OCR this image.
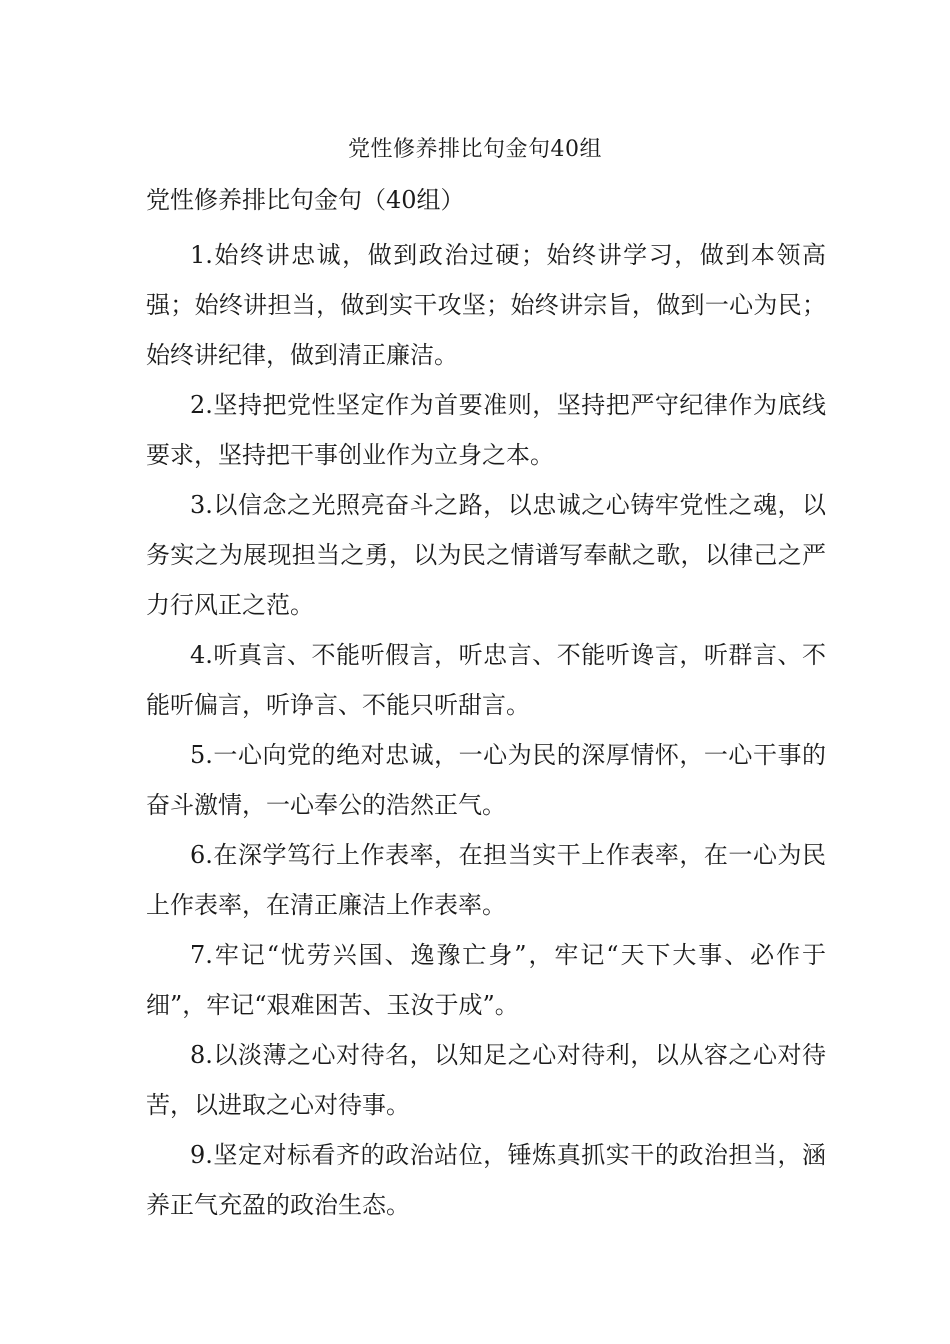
党性修养排比句金句40组
党性修养排比句金句（40组）

1.始终讲忠诚，做到政治过硬；始终讲学习，做到本领高强；始终讲担当，做到实干攻坚；始终讲宗旨，做到一心为民；始终讲纪律，做到清正廉洁。

2.坚持把党性坚定作为首要准则，坚持把严守纪律作为底线要求，坚持把干事创业作为立身之本。

3.以信念之光照亮奋斗之路，以忠诚之心铸牢党性之魂，以务实之为展现担当之勇，以为民之情谱写奉献之歌，以律己之严力行风正之范。

4.听真言、不能听假言，听忠言、不能听谗言，听群言、不能听偏言，听诤言、不能只听甜言。

5.一心向党的绝对忠诚，一心为民的深厚情怀，一心干事的奋斗激情，一心奉公的浩然正气。

6.在深学笃行上作表率，在担当实干上作表率，在一心为民上作表率，在清正廉洁上作表率。

7.牢记“忧劳兴国、逸豫亡身”，牢记“天下大事、必作于细”，牢记“艰难困苦、玉汝于成”。

8.以淡薄之心对待名，以知足之心对待利，以从容之心对待苦，以进取之心对待事。

9.坚定对标看齐的政治站位，锤炼真抓实干的政治担当，涵养正气充盈的政治生态。
